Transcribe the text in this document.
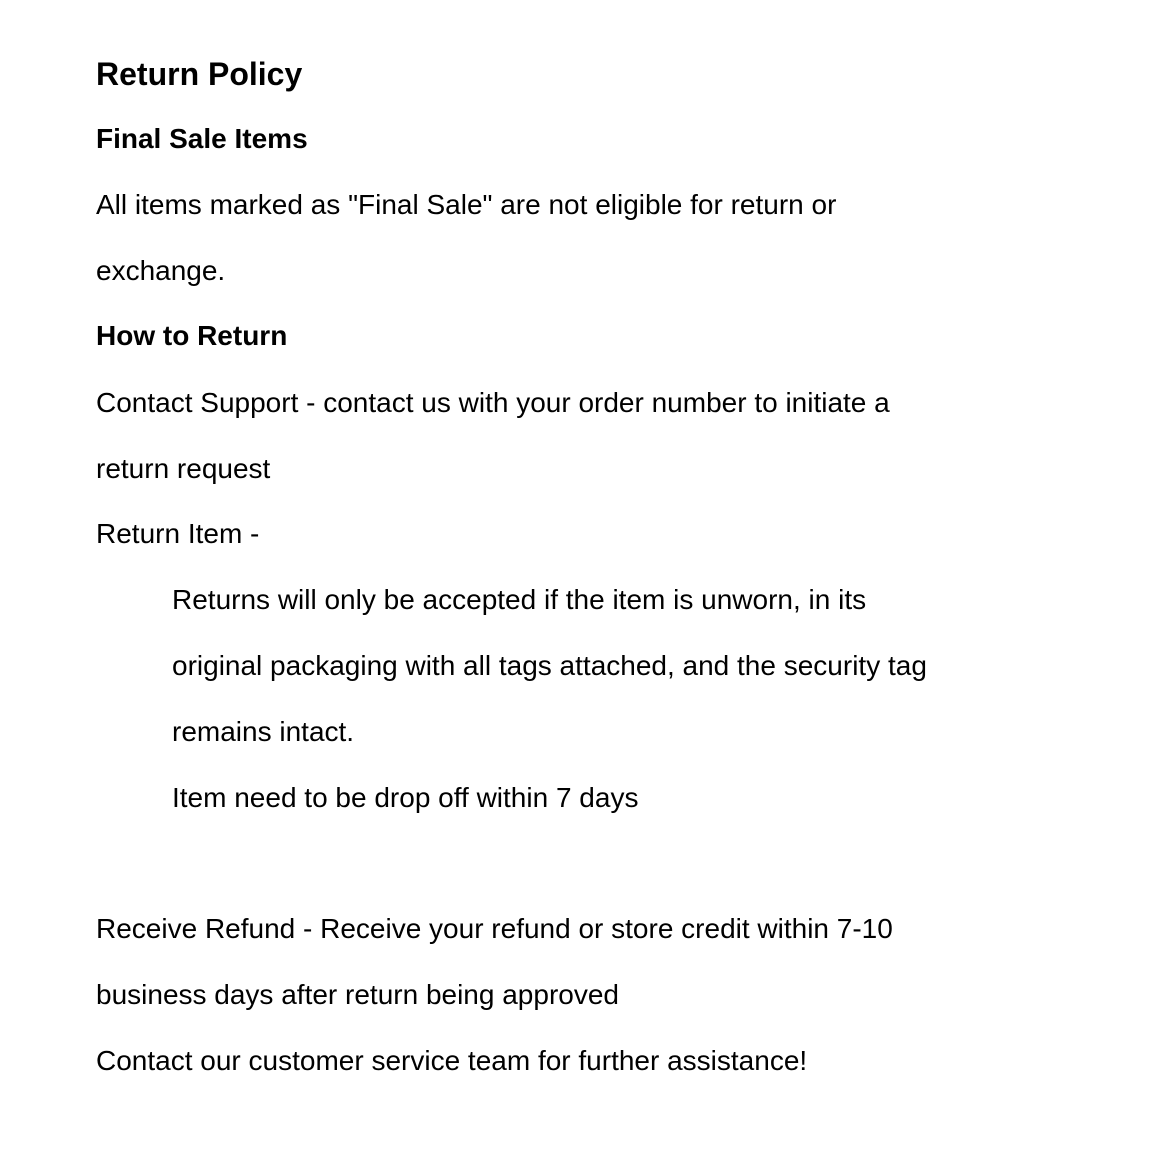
Return Policy
Final Sale Items
All items marked as "Final Sale" are not eligible for return or
exchange.
How to Return
Contact Support - contact us with your order number to initiate a
return request
Return Item -
Returns will only be accepted if the item is unworn, in its
original packaging with all tags attached, and the security tag
remains intact.
Item need to be drop off within 7 days
Receive Refund - Receive your refund or store credit within 7-10
business days after return being approved
Contact our customer service team for further assistance!
